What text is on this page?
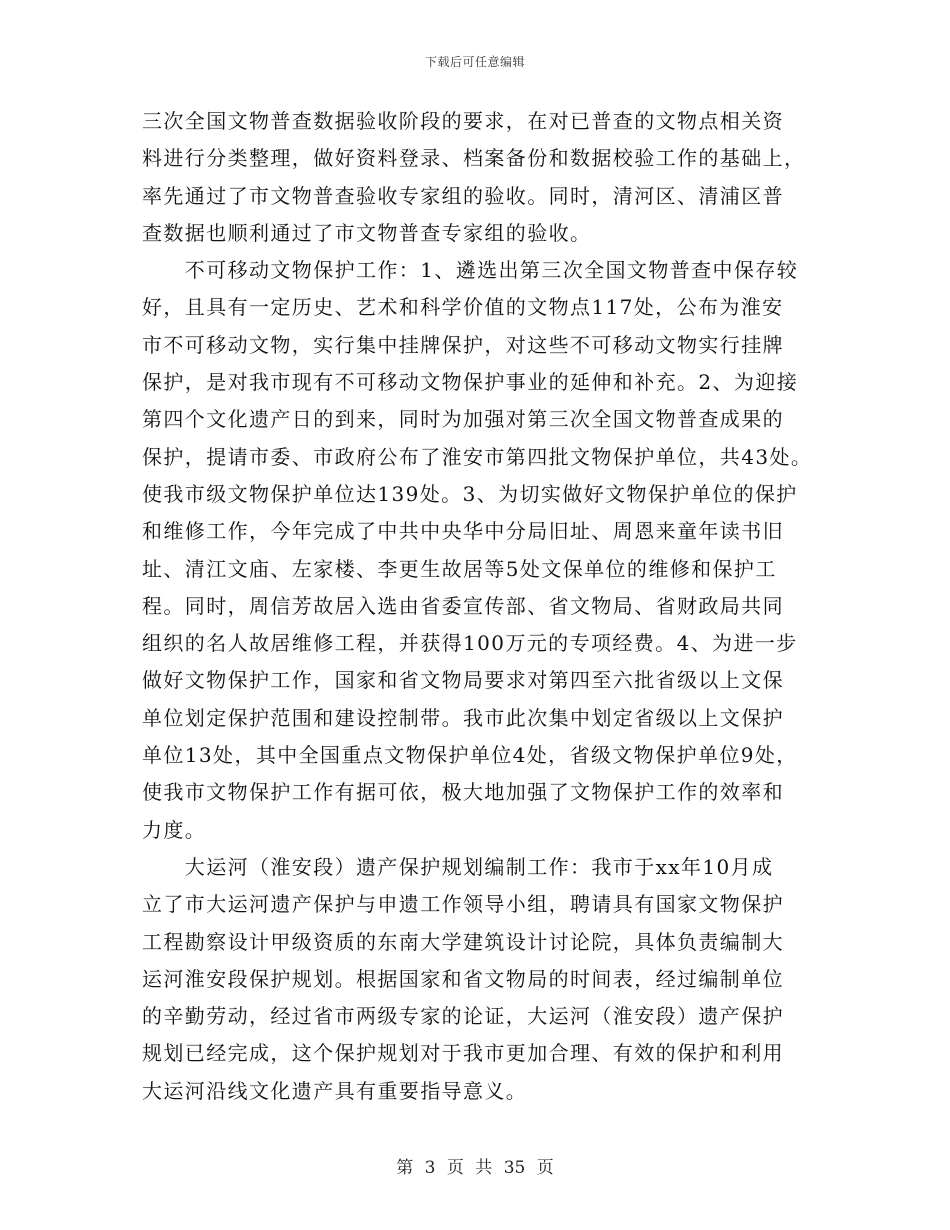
下载后可任意编辑
三次全国文物普查数据验收阶段的要求，在对已普查的文物点相关资
料进行分类整理，做好资料登录、档案备份和数据校验工作的基础上，
率先通过了市文物普查验收专家组的验收。同时，清河区、清浦区普
查数据也顺利通过了市文物普查专家组的验收。
　　不可移动文物保护工作：1、遴选出第三次全国文物普查中保存较
好，且具有一定历史、艺术和科学价值的文物点117处，公布为淮安
市不可移动文物，实行集中挂牌保护，对这些不可移动文物实行挂牌
保护，是对我市现有不可移动文物保护事业的延伸和补充。2、为迎接
第四个文化遗产日的到来，同时为加强对第三次全国文物普查成果的
保护，提请市委、市政府公布了淮安市第四批文物保护单位，共43处。
使我市级文物保护单位达139处。3、为切实做好文物保护单位的保护
和维修工作，今年完成了中共中央华中分局旧址、周恩来童年读书旧
址、清江文庙、左家楼、李更生故居等5处文保单位的维修和保护工
程。同时，周信芳故居入选由省委宣传部、省文物局、省财政局共同
组织的名人故居维修工程，并获得100万元的专项经费。4、为进一步
做好文物保护工作，国家和省文物局要求对第四至六批省级以上文保
单位划定保护范围和建设控制带。我市此次集中划定省级以上文保护
单位13处，其中全国重点文物保护单位4处，省级文物保护单位9处，
使我市文物保护工作有据可依，极大地加强了文物保护工作的效率和
力度。
　　大运河（淮安段）遗产保护规划编制工作：我市于xx年10月成
立了市大运河遗产保护与申遗工作领导小组，聘请具有国家文物保护
工程勘察设计甲级资质的东南大学建筑设计讨论院，具体负责编制大
运河淮安段保护规划。根据国家和省文物局的时间表，经过编制单位
的辛勤劳动，经过省市两级专家的论证，大运河（淮安段）遗产保护
规划已经完成，这个保护规划对于我市更加合理、有效的保护和利用
大运河沿线文化遗产具有重要指导意义。
第 3 页 共 35 页
